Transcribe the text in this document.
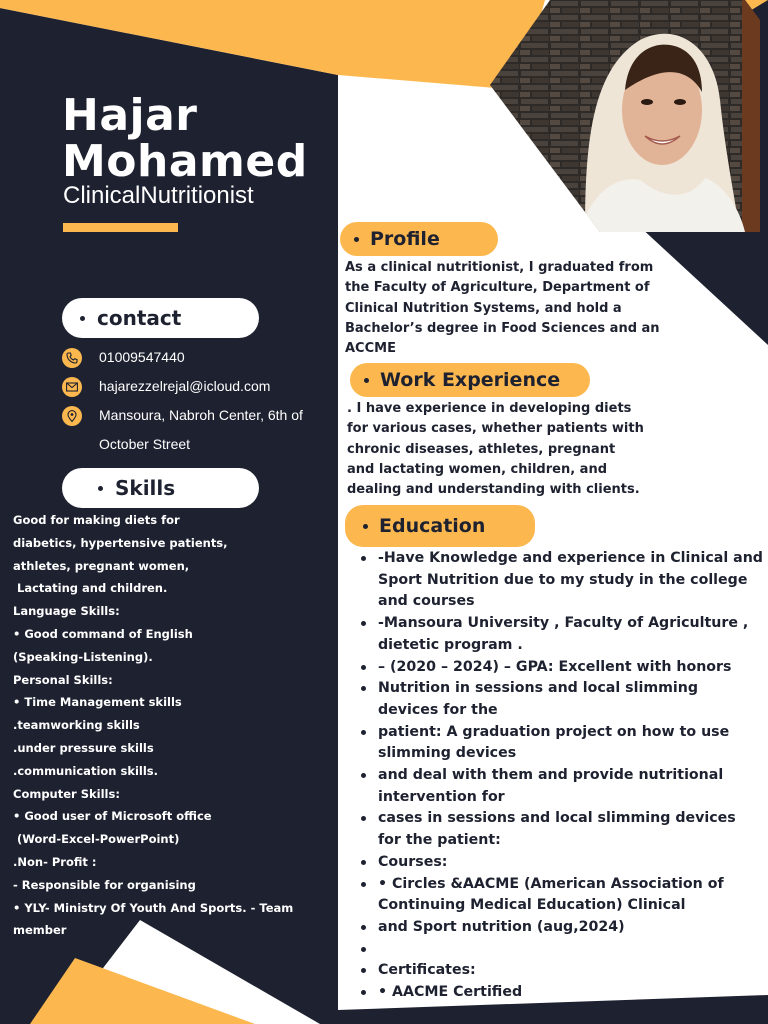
Hajar
Mohamed
ClinicalNutritionist
contact
01009547440
hajarezzelrejal@icloud.com
Mansoura, Nabroh Center, 6th of October Street
Skills
Good for making diets for
diabetics, hypertensive patients,
athletes, pregnant women,
Lactating and children.
Language Skills:
• Good command of English
(Speaking-Listening).
Personal Skills:
• Time Management skills
.teamworking skills
.under pressure skills
.communication skills.
Computer Skills:
• Good user of Microsoft office
(Word-Excel-PowerPoint)
.Non- Profit :
- Responsible for organising
• YLY- Ministry Of Youth And Sports. - Team member
Profile
As a clinical nutritionist, I graduated from the Faculty of Agriculture, Department of Clinical Nutrition Systems, and hold a Bachelor’s degree in Food Sciences and an ACCME
Work Experience
. I have experience in developing diets for various cases, whether patients with chronic diseases, athletes, pregnant and lactating women, children, and dealing and understanding with clients.
Education
-Have Knowledge and experience in Clinical and Sport Nutrition due to my study in the college and courses
-Mansoura University , Faculty of Agriculture , dietetic program .
– (2020 – 2024) – GPA: Excellent with honors
Nutrition in sessions and local slimming devices for the
patient: A graduation project on how to use slimming devices
and deal with them and provide nutritional intervention for
cases in sessions and local slimming devices for the patient:
Courses:
• Circles &AACME (American Association of Continuing Medical Education) Clinical
and Sport nutrition (aug,2024)
Certificates:
• AACME Certified
